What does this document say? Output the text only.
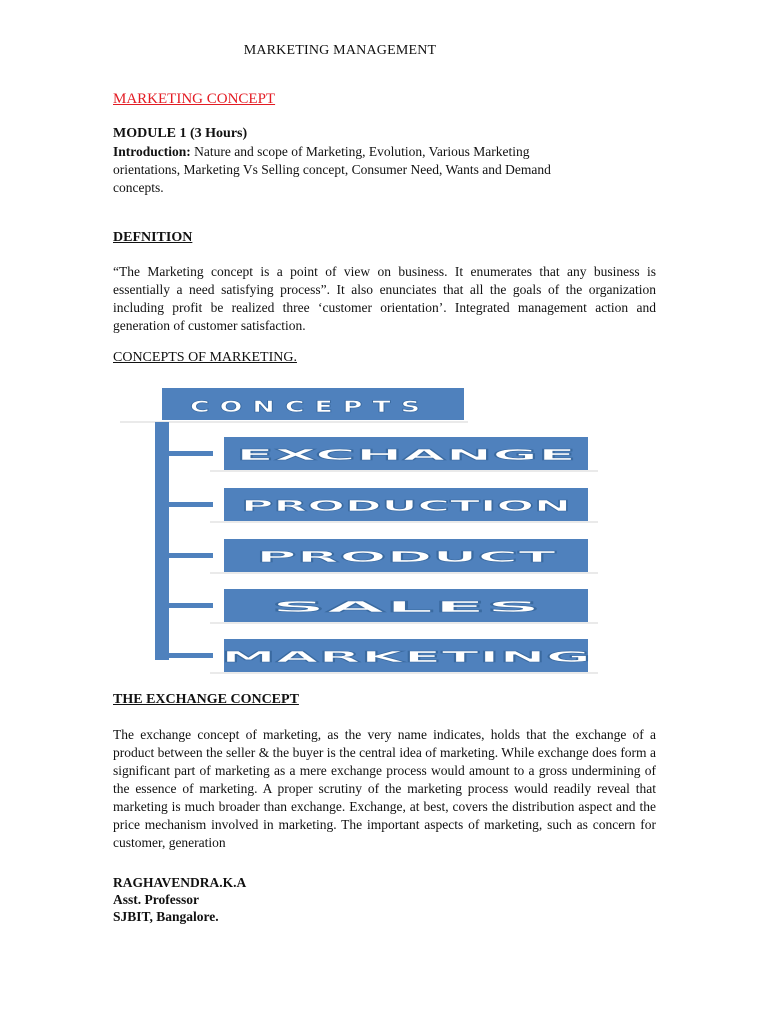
MARKETING MANAGEMENT
MARKETING CONCEPT
MODULE 1 (3 Hours)
Introduction: Nature and scope of Marketing, Evolution, Various Marketing orientations, Marketing Vs Selling concept, Consumer Need, Wants and Demand concepts.
DEFNITION
“The Marketing concept is a point of view on business. It enumerates that any business is essentially a need satisfying process”. It also enunciates that all the goals of the organization including profit be realized three ‘customer orientation’. Integrated management action and generation of customer satisfaction.
CONCEPTS OF MARKETING.
CONCEPTS
EXCHANGE
PRODUCTION
PRODUCT
SALES
MARKETING
THE EXCHANGE CONCEPT
The exchange concept of marketing, as the very name indicates, holds that the exchange of a product between the seller & the buyer is the central idea of marketing. While exchange does form a significant part of marketing as a mere exchange process would amount to a gross undermining of the essence of marketing. A proper scrutiny of the marketing process would readily reveal that marketing is much broader than exchange. Exchange, at best, covers the distribution aspect and the price mechanism involved in marketing. The important aspects of marketing, such as concern for customer, generation
RAGHAVENDRA.K.A
Asst. Professor
SJBIT, Bangalore.
